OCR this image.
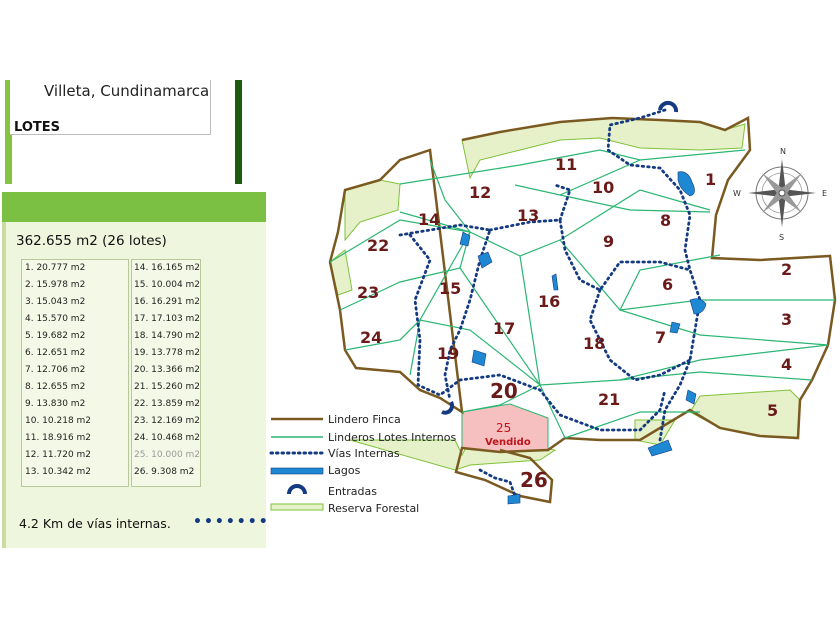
Villeta, Cundinamarca
LOTES
362.655 m2 (26 lotes)
1. 20.777 m2
2. 15.978 m2
3. 15.043 m2
4. 15.570 m2
5. 19.682 m2
6. 12.651 m2
7. 12.706 m2
8. 12.655 m2
9. 13.830 m2
10. 10.218 m2
11. 18.916 m2
12. 11.720 m2
13. 10.342 m2
14. 16.165 m2
15. 10.004 m2
16. 16.291 m2
17. 17.103 m2
18. 14.790 m2
19. 13.778 m2
20. 13.366 m2
21. 15.260 m2
22. 13.859 m2
23. 12.169 m2
24. 10.468 m2
25. 10.000 m2
26. 9.308 m2
4.2 Km de vías internas. •••••••
N
S
E
W
1
2
3
4
5
6
7
8
9
10
11
12
13
14
15
16
17
18
19
20	21
22
23
24
26
25
Vendido
Lindero Finca
Linderos Lotes Internos
Vías Internas
Lagos
Entradas
Reserva Forestal
